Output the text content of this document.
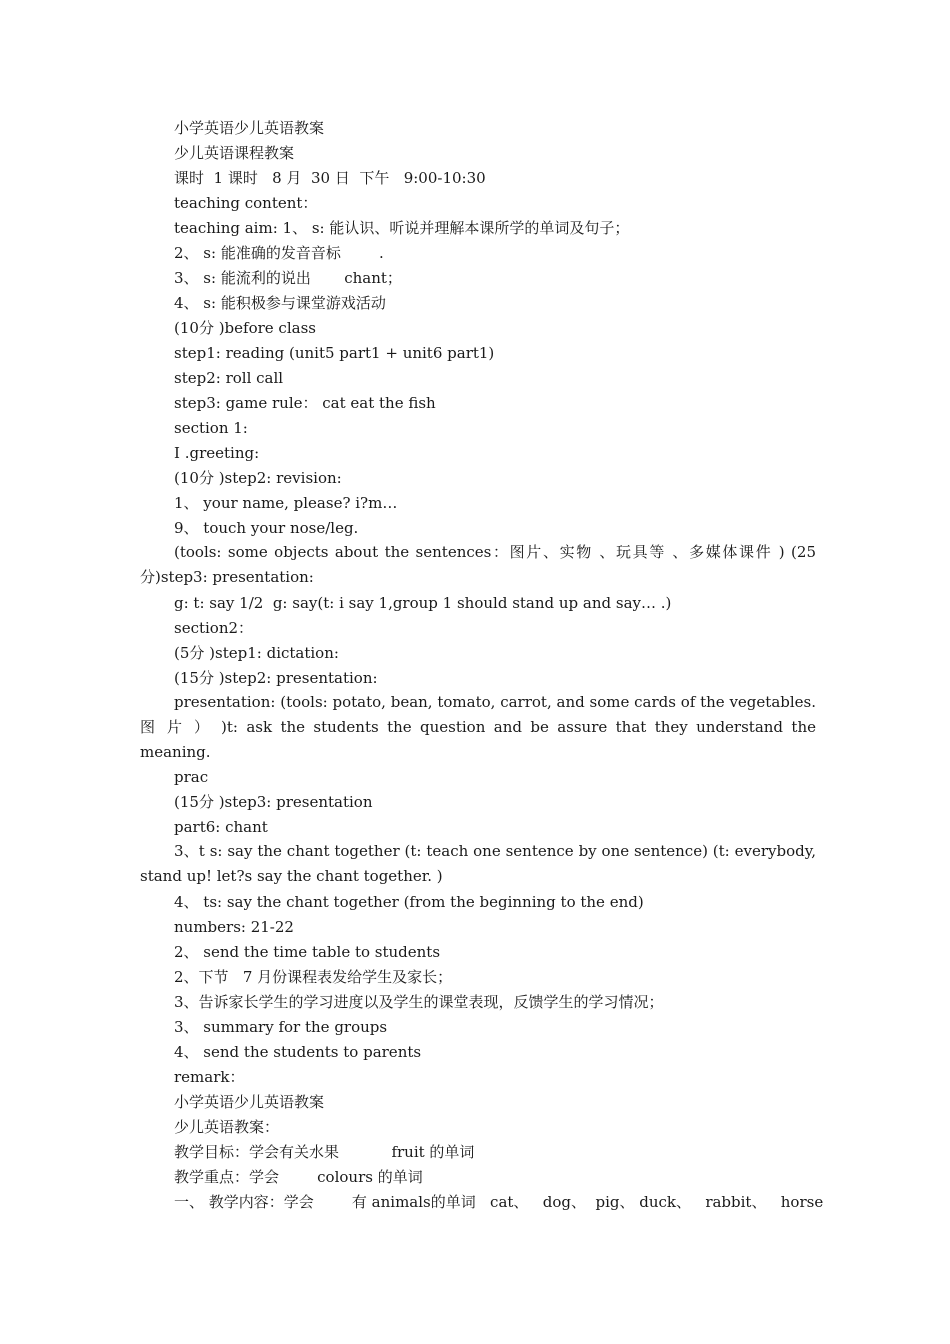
小学英语少儿英语教案
少儿英语课程教案
课时  1 课时   8 月  30 日  下午   9:00-10:30
teaching content：
teaching aim: 1、 s: 能认识、听说并理解本课所学的单词及句子；
2、 s: 能准确的发音音标        .
3、 s: 能流利的说出       chant；
4、 s: 能积极参与课堂游戏活动
(10分 )before class
step1: reading (unit5 part1 + unit6 part1)
step2: roll call
step3: game rule： cat eat the fish
section 1:
Ⅰ .greeting:
(10分 )step2: revision:
1、 your name, please? i?m…
9、 touch your nose/leg.
(tools: some objects about the sentences：图片、实物 、玩具等 、多媒体课件 ) (25分)step3: presentation:
g: t: say 1/2  g: say(t: i say 1,group 1 should stand up and say… .)
section2：
(5分 )step1: dictation:
(15分 )step2: presentation:
presentation: (tools: potato, bean, tomato, carrot, and some cards of the vegetables. 图 片 ） )t: ask the students the question and be assure that they understand the meaning.
prac
(15分 )step3: presentation
part6: chant
3、t s: say the chant together (t: teach one sentence by one sentence) (t: everybody, stand up! let?s say the chant together. )
4、 ts: say the chant together (from the beginning to the end)
numbers: 21-22
2、 send the time table to students
2、下节   7 月份课程表发给学生及家长；
3、告诉家长学生的学习进度以及学生的课堂表现，反馈学生的学习情况；
3、 summary for the groups
4、 send the students to parents
remark：
小学英语少儿英语教案
少儿英语教案：
教学目标：学会有关水果           fruit 的单词
教学重点：学会        colours 的单词
一、 教学内容：学会        有 animals的单词   cat、   dog、  pig、 duck、   rabbit、   horse
